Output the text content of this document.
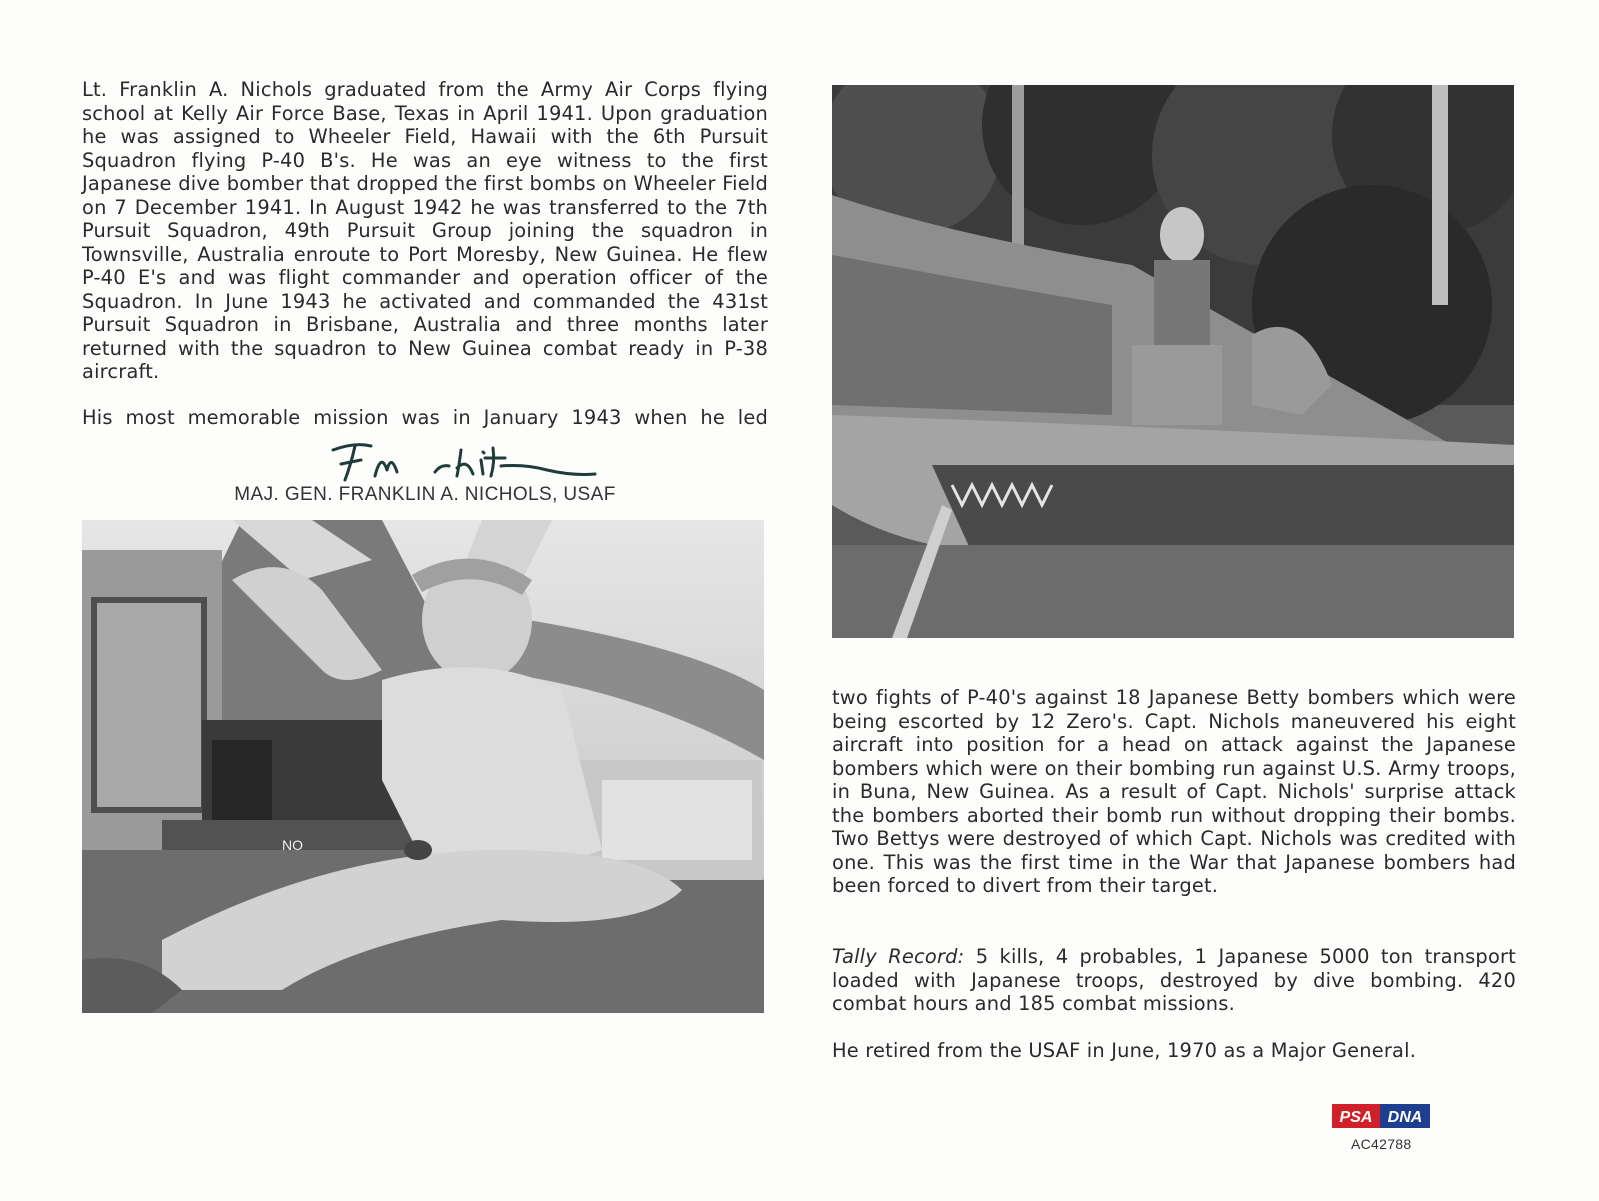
Lt. Franklin A. Nichols graduated from the Army Air Corps flying school at Kelly Air Force Base, Texas in April 1941. Upon graduation he was assigned to Wheeler Field, Hawaii with the 6th Pursuit Squadron flying P-40 B's. He was an eye witness to the first Japanese dive bomber that dropped the first bombs on Wheeler Field on 7 December 1941. In August 1942 he was transferred to the 7th Pursuit Squadron, 49th Pursuit Group joining the squadron in Townsville, Australia enroute to Port Moresby, New Guinea. He flew P-40 E's and was flight commander and operation officer of the Squadron. In June 1943 he activated and commanded the 431st Pursuit Squadron in Brisbane, Australia and three months later returned with the squadron to New Guinea combat ready in P-38 aircraft.

His most memorable mission was in January 1943 when he led

MAJ. GEN. FRANKLIN A. NICHOLS, USAF
NO

two fights of P-40's against 18 Japanese Betty bombers which were being escorted by 12 Zero's. Capt. Nichols maneuvered his eight aircraft into position for a head on attack against the Japanese bombers which were on their bombing run against U.S. Army troops, in Buna, New Guinea. As a result of Capt. Nichols' surprise attack the bombers aborted their bomb run without dropping their bombs. Two Bettys were destroyed of which Capt. Nichols was credited with one. This was the first time in the War that Japanese bombers had been forced to divert from their target.

Tally Record: 5 kills, 4 probables, 1 Japanese 5000 ton transport loaded with Japanese troops, destroyed by dive bombing. 420 combat hours and 185 combat missions.

He retired from the USAF in June, 1970 as a Major General.

PSA DNA
AC42788
